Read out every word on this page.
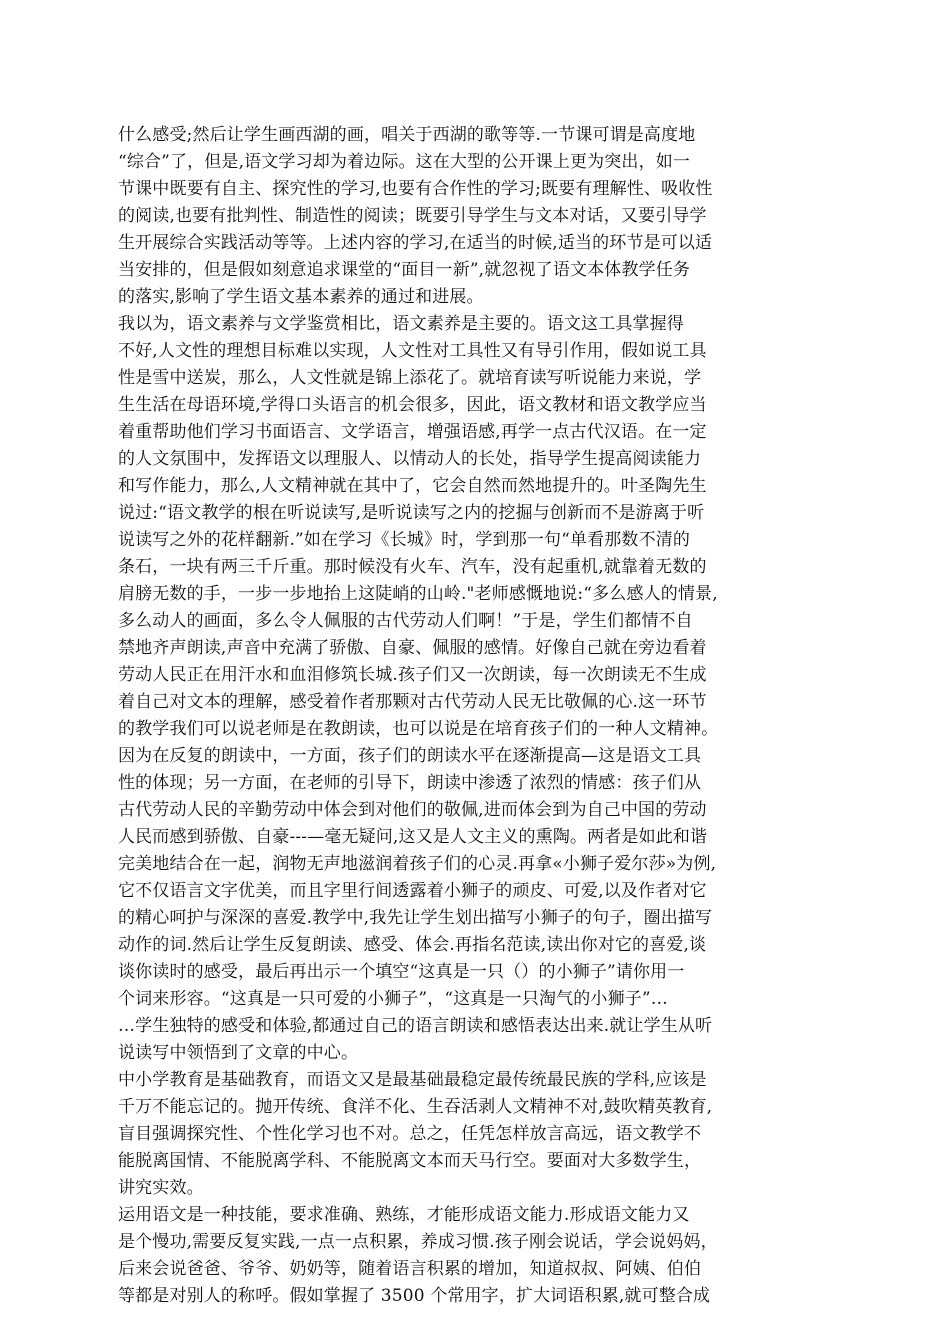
什么感受;然后让学生画西湖的画，唱关于西湖的歌等等.一节课可谓是高度地
“综合”了，但是,语文学习却为着边际。这在大型的公开课上更为突出，如一
节课中既要有自主、探究性的学习,也要有合作性的学习;既要有理解性、吸收性
的阅读,也要有批判性、制造性的阅读；既要引导学生与文本对话，又要引导学
生开展综合实践活动等等。上述内容的学习,在适当的时候,适当的环节是可以适
当安排的，但是假如刻意追求课堂的“面目一新”,就忽视了语文本体教学任务
的落实,影响了学生语文基本素养的通过和进展。
我以为，语文素养与文学鉴赏相比，语文素养是主要的。语文这工具掌握得
不好,人文性的理想目标难以实现，人文性对工具性又有导引作用，假如说工具
性是雪中送炭，那么，人文性就是锦上添花了。就培育读写听说能力来说，学
生生活在母语环境,学得口头语言的机会很多，因此，语文教材和语文教学应当
着重帮助他们学习书面语言、文学语言，增强语感,再学一点古代汉语。在一定
的人文氛围中，发挥语文以理服人、以情动人的长处，指导学生提高阅读能力
和写作能力，那么,人文精神就在其中了，它会自然而然地提升的。叶圣陶先生
说过:“语文教学的根在听说读写,是听说读写之内的挖掘与创新而不是游离于听
说读写之外的花样翻新.”如在学习《长城》时，学到那一句“单看那数不清的
条石，一块有两三千斤重。那时候没有火车、汽车，没有起重机,就靠着无数的
肩膀无数的手，一步一步地抬上这陡峭的山岭."老师感慨地说:“多么感人的情景,
多么动人的画面，多么令人佩服的古代劳动人们啊！”于是，学生们都情不自
禁地齐声朗读,声音中充满了骄傲、自豪、佩服的感情。好像自己就在旁边看着
劳动人民正在用汗水和血泪修筑长城.孩子们又一次朗读，每一次朗读无不生成
着自己对文本的理解，感受着作者那颗对古代劳动人民无比敬佩的心.这一环节
的教学我们可以说老师是在教朗读，也可以说是在培育孩子们的一种人文精神。
因为在反复的朗读中，一方面，孩子们的朗读水平在逐渐提高—这是语文工具
性的体现；另一方面，在老师的引导下，朗读中渗透了浓烈的情感：孩子们从
古代劳动人民的辛勤劳动中体会到对他们的敬佩,进而体会到为自己中国的劳动
人民而感到骄傲、自豪---—毫无疑问,这又是人文主义的熏陶。两者是如此和谐
完美地结合在一起，润物无声地滋润着孩子们的心灵.再拿«小狮子爱尔莎»为例,
它不仅语言文字优美，而且字里行间透露着小狮子的顽皮、可爱,以及作者对它
的精心呵护与深深的喜爱.教学中,我先让学生划出描写小狮子的句子，圈出描写
动作的词.然后让学生反复朗读、感受、体会.再指名范读,读出你对它的喜爱,谈
谈你读时的感受，最后再出示一个填空“这真是一只（）的小狮子”请你用一
个词来形容。“这真是一只可爱的小狮子”，“这真是一只淘气的小狮子”…
…学生独特的感受和体验,都通过自己的语言朗读和感悟表达出来.就让学生从听
说读写中领悟到了文章的中心。
中小学教育是基础教育，而语文又是最基础最稳定最传统最民族的学科,应该是
千万不能忘记的。抛开传统、食洋不化、生吞活剥人文精神不对,鼓吹精英教育,
盲目强调探究性、个性化学习也不对。总之，任凭怎样放言高远，语文教学不
能脱离国情、不能脱离学科、不能脱离文本而天马行空。要面对大多数学生，
讲究实效。
运用语文是一种技能，要求准确、熟练，才能形成语文能力.形成语文能力又
是个慢功,需要反复实践,一点一点积累，养成习惯.孩子刚会说话，学会说妈妈，
后来会说爸爸、爷爷、奶奶等，随着语言积累的增加，知道叔叔、阿姨、伯伯
等都是对别人的称呼。假如掌握了 3500 个常用字，扩大词语积累,就可整合成
